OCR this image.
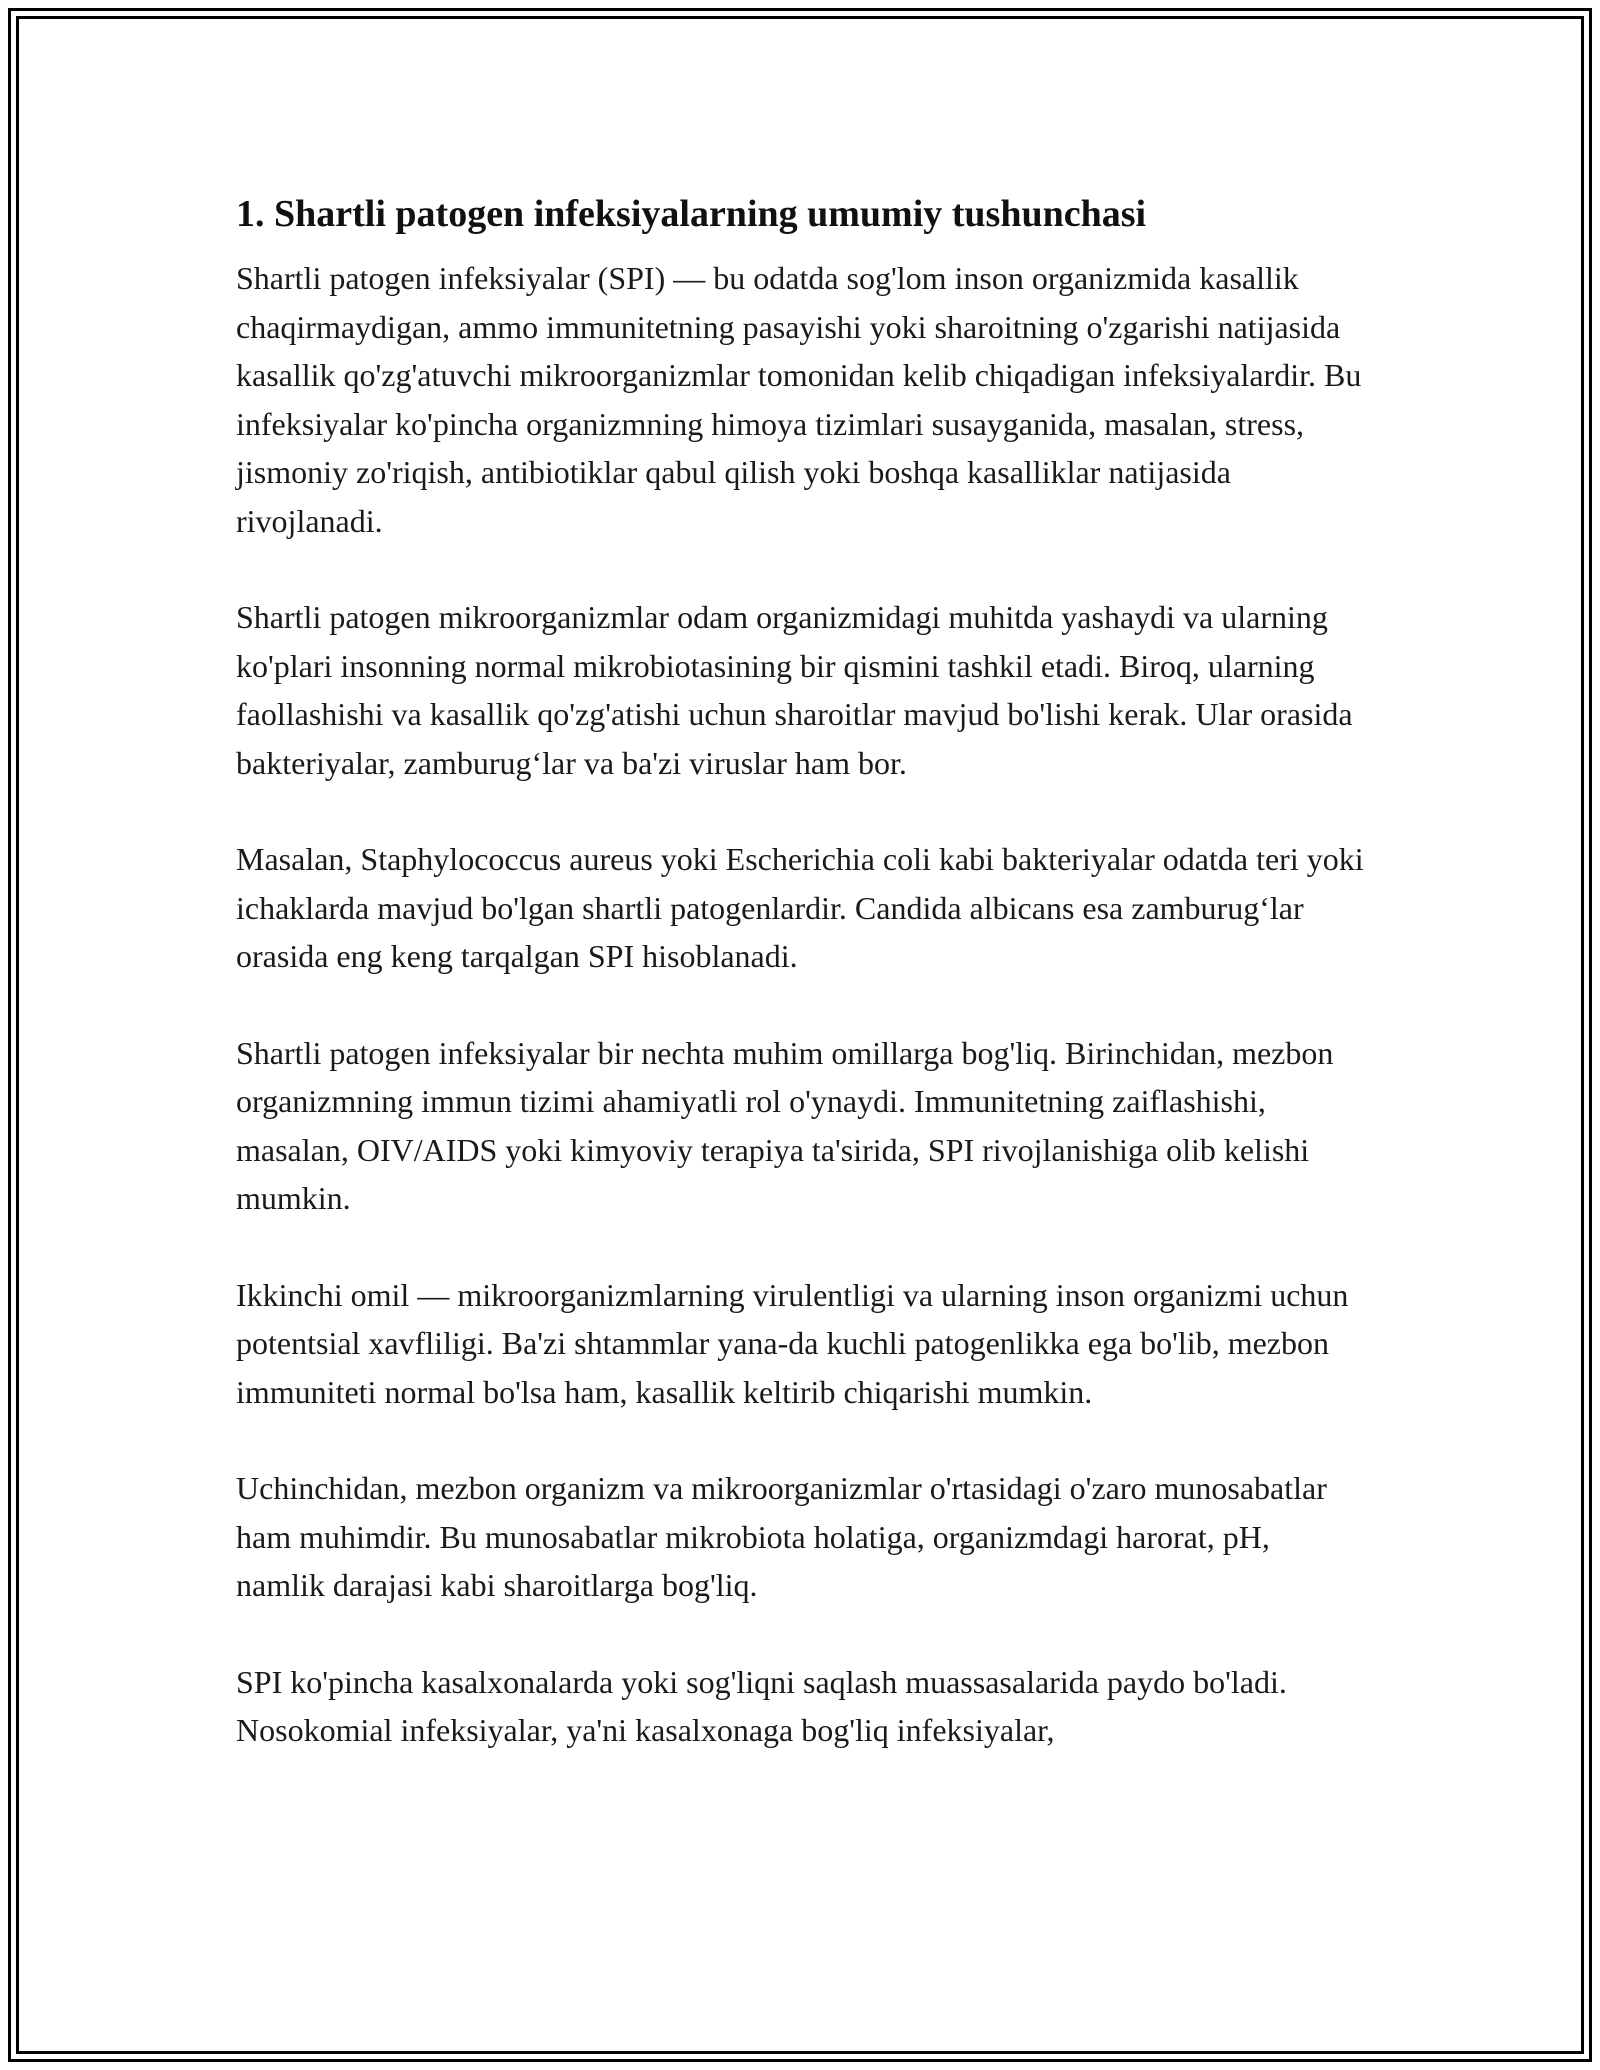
1. Shartli patogen infeksiyalarning umumiy tushunchasi

Shartli patogen infeksiyalar (SPI) — bu odatda sog'lom inson organizmida kasallik chaqirmaydigan, ammo immunitetning pasayishi yoki sharoitning o'zgarishi natijasida kasallik qo'zg'atuvchi mikroorganizmlar tomonidan kelib chiqadigan infeksiyalardir. Bu infeksiyalar ko'pincha organizmning himoya tizimlari susayganida, masalan, stress, jismoniy zo'riqish, antibiotiklar qabul qilish yoki boshqa kasalliklar natijasida rivojlanadi.

Shartli patogen mikroorganizmlar odam organizmidagi muhitda yashaydi va ularning ko'plari insonning normal mikrobiotasining bir qismini tashkil etadi. Biroq, ularning faollashishi va kasallik qo'zg'atishi uchun sharoitlar mavjud bo'lishi kerak. Ular orasida bakteriyalar, zamburug‘lar va ba'zi viruslar ham bor.

Masalan, Staphylococcus aureus yoki Escherichia coli kabi bakteriyalar odatda teri yoki ichaklarda mavjud bo'lgan shartli patogenlardir. Candida albicans esa zamburug‘lar orasida eng keng tarqalgan SPI hisoblanadi.

Shartli patogen infeksiyalar bir nechta muhim omillarga bog'liq. Birinchidan, mezbon organizmning immun tizimi ahamiyatli rol o'ynaydi. Immunitetning zaiflashishi, masalan, OIV/AIDS yoki kimyoviy terapiya ta'sirida, SPI rivojlanishiga olib kelishi mumkin.

Ikkinchi omil — mikroorganizmlarning virulentligi va ularning inson organizmi uchun potentsial xavfliligi. Ba'zi shtammlar yana-da kuchli patogenlikka ega bo'lib, mezbon immuniteti normal bo'lsa ham, kasallik keltirib chiqarishi mumkin.

Uchinchidan, mezbon organizm va mikroorganizmlar o'rtasidagi o'zaro munosabatlar ham muhimdir. Bu munosabatlar mikrobiota holatiga, organizmdagi harorat, pH, namlik darajasi kabi sharoitlarga bog'liq.

SPI ko'pincha kasalxonalarda yoki sog'liqni saqlash muassasalarida paydo bo'ladi. Nosokomial infeksiyalar, ya'ni kasalxonaga bog'liq infeksiyalar,
